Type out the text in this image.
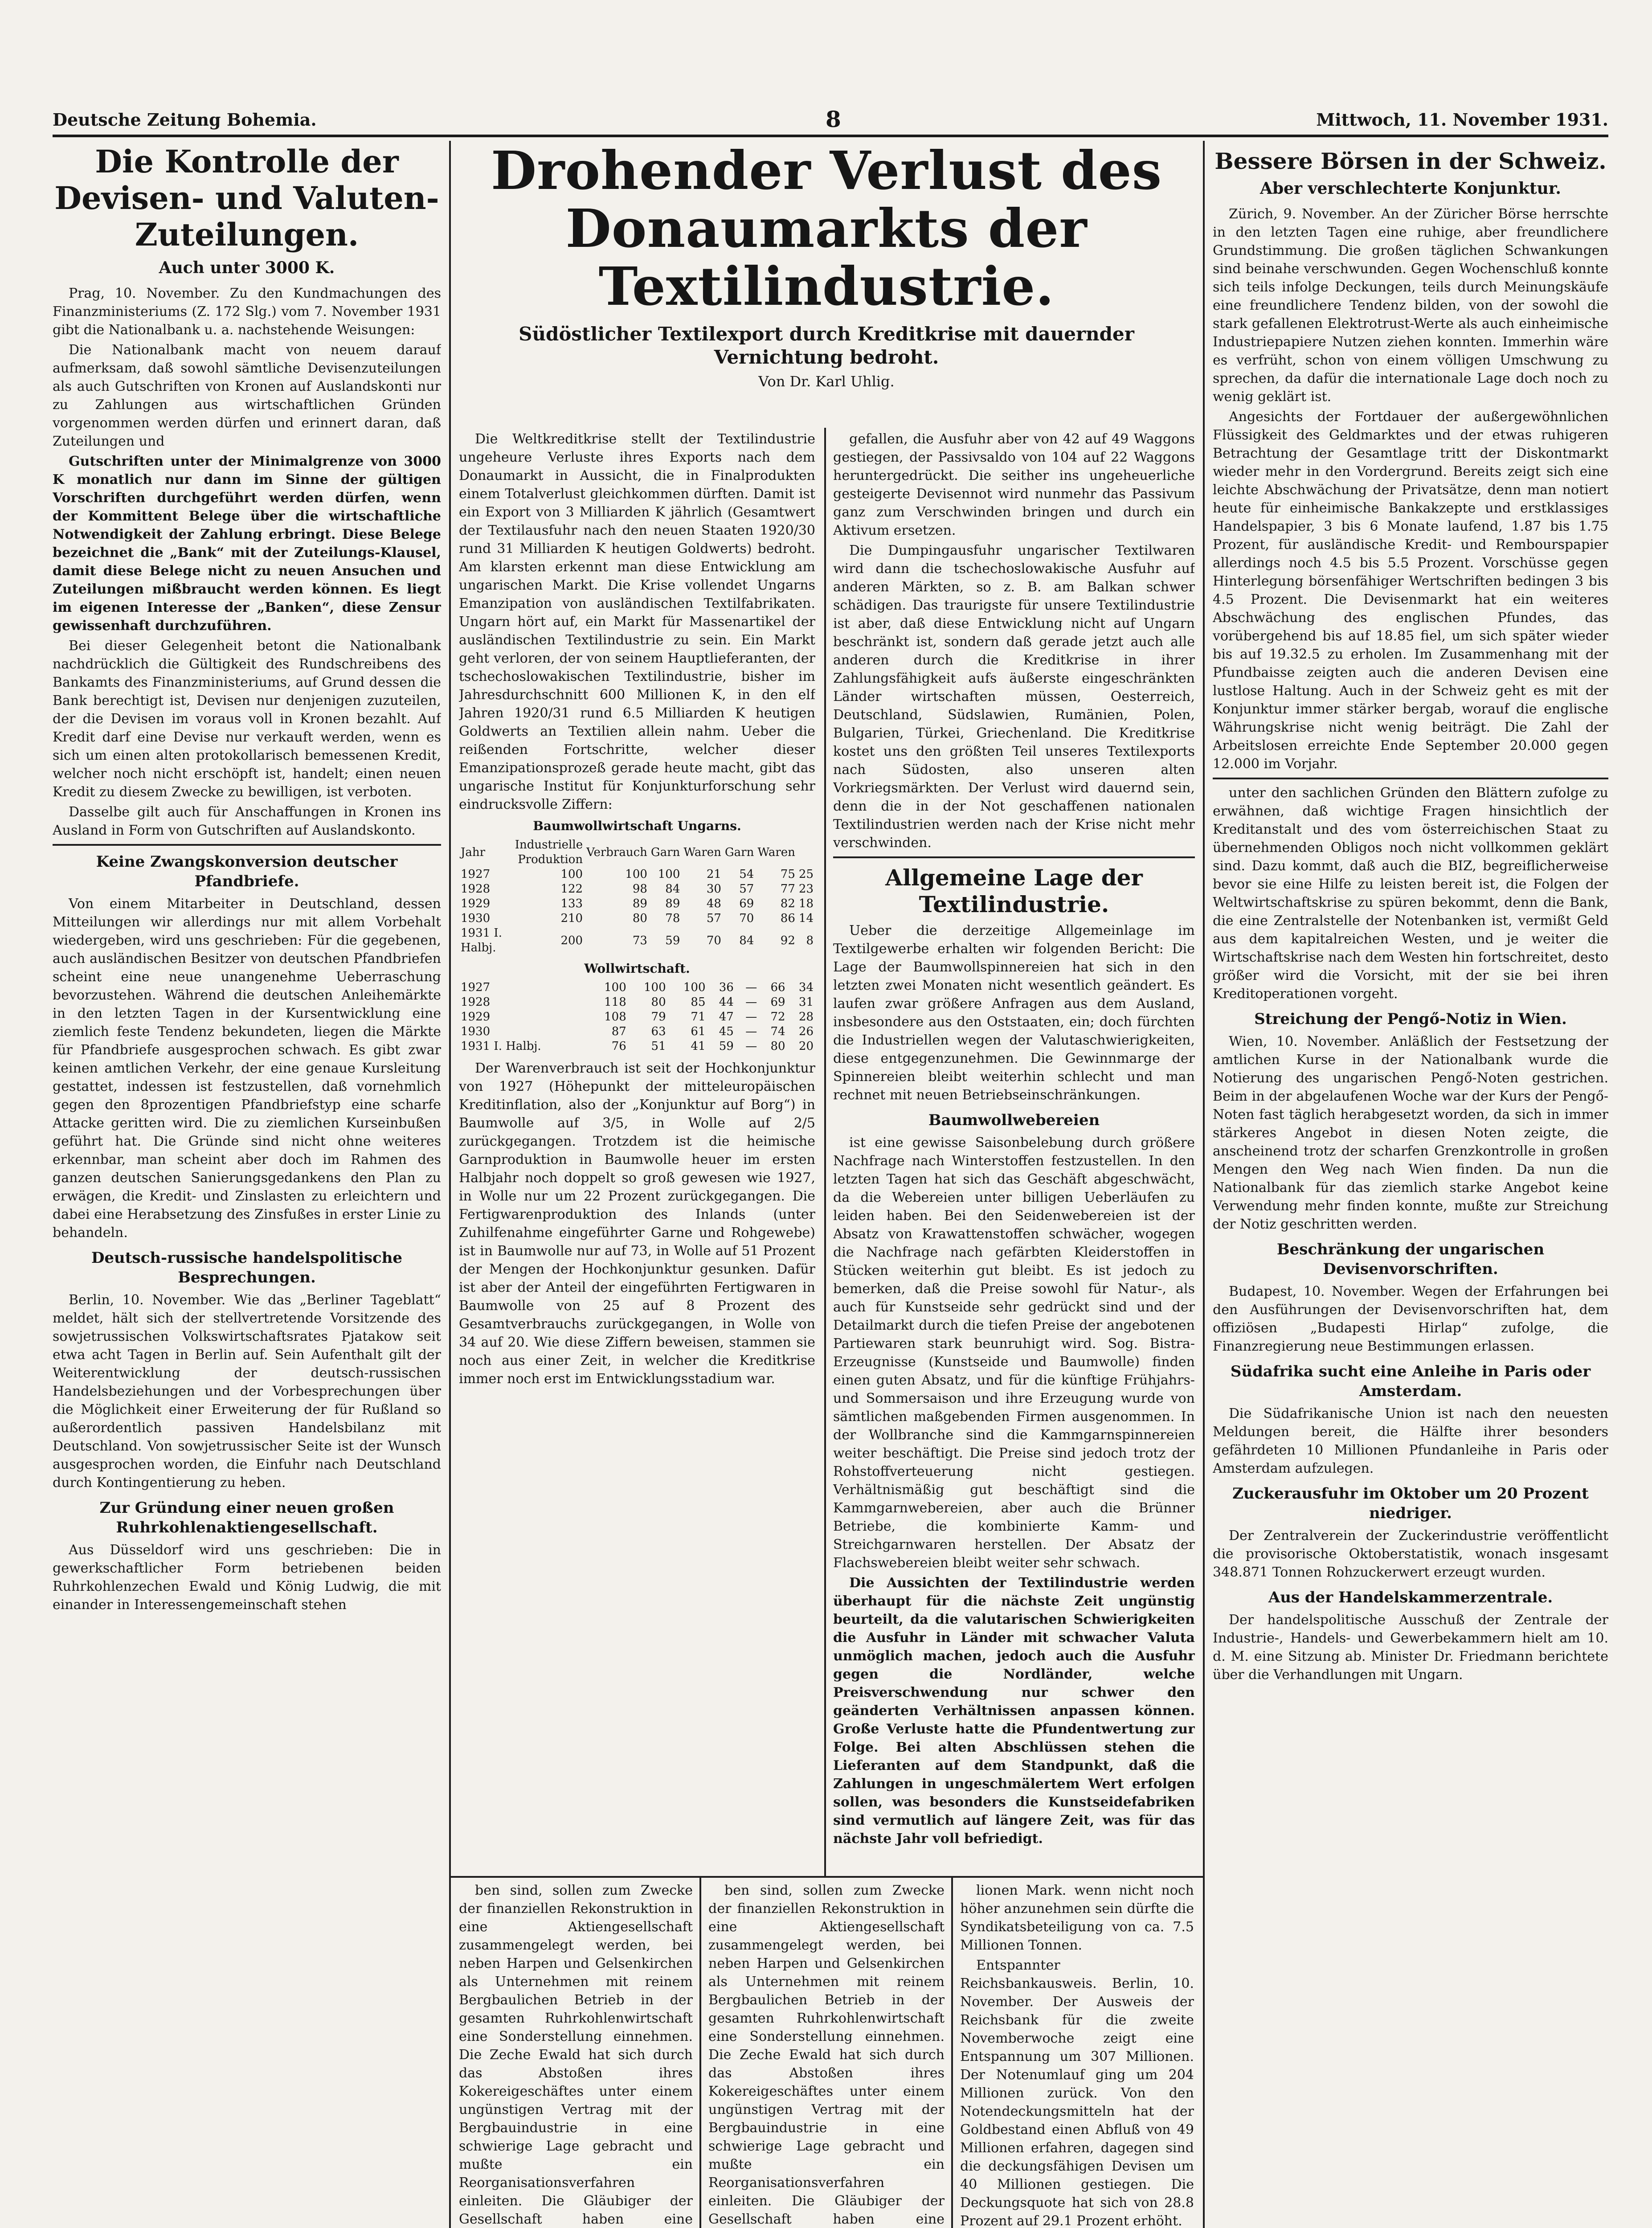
Deutsche Zeitung Bohemia.	8	Mittwoch, 11. November 1931.
Die Kontrolle der Devisen- und Valuten-Zuteilungen.
Auch unter 3000 K.

Prag, 10. November. Zu den Kundmachungen des Finanzministeriums (Z. 172 Slg.) vom 7. November 1931 gibt die Nationalbank u. a. nachstehende Weisungen:

Die Nationalbank macht von neuem darauf aufmerksam, daß sowohl sämtliche Devisenzuteilungen als auch Gutschriften von Kronen auf Auslandskonti nur zu Zahlungen aus wirtschaftlichen Gründen vorgenommen werden dürfen und erinnert daran, daß Zuteilungen und

Gutschriften unter der Minimalgrenze von 3000 K monatlich nur dann im Sinne der gültigen Vorschriften durchgeführt werden dürfen, wenn der Kommittent Belege über die wirtschaftliche Notwendigkeit der Zahlung erbringt. Diese Belege bezeichnet die „Bank“ mit der Zuteilungs-Klausel, damit diese Belege nicht zu neuen Ansuchen und Zuteilungen mißbraucht werden können. Es liegt im eigenen Interesse der „Banken“, diese Zensur gewissenhaft durchzuführen.

Bei dieser Gelegenheit betont die Nationalbank nachdrücklich die Gültigkeit des Rundschreibens des Bankamts des Finanzministeriums, auf Grund dessen die Bank berechtigt ist, Devisen nur denjenigen zuzuteilen, der die Devisen im voraus voll in Kronen bezahlt. Auf Kredit darf eine Devise nur verkauft werden, wenn es sich um einen alten protokollarisch bemessenen Kredit, welcher noch nicht erschöpft ist, handelt; einen neuen Kredit zu diesem Zwecke zu bewilligen, ist verboten.

Dasselbe gilt auch für Anschaffungen in Kronen ins Ausland in Form von Gutschriften auf Auslandskonto.

Keine Zwangskonversion deutscher Pfandbriefe.

Von einem Mitarbeiter in Deutschland, dessen Mitteilungen wir allerdings nur mit allem Vorbehalt wiedergeben, wird uns geschrieben: Für die gegebenen, auch ausländischen Besitzer von deutschen Pfandbriefen scheint eine neue unangenehme Ueberraschung bevorzustehen. Während die deutschen Anleihemärkte in den letzten Tagen in der Kursentwicklung eine ziemlich feste Tendenz bekundeten, liegen die Märkte für Pfandbriefe ausgesprochen schwach. Es gibt zwar keinen amtlichen Verkehr, der eine genaue Kursleitung gestattet, indessen ist festzustellen, daß vornehmlich gegen den 8prozentigen Pfandbriefstyp eine scharfe Attacke geritten wird. Die zu ziemlichen Kurseinbußen geführt hat. Die Gründe sind nicht ohne weiteres erkennbar, man scheint aber doch im Rahmen des ganzen deutschen Sanierungsgedankens den Plan zu erwägen, die Kredit- und Zinslasten zu erleichtern und dabei eine Herabsetzung des Zinsfußes in erster Linie zu behandeln.

Deutsch-russische handelspolitische Besprechungen.

Berlin, 10. November. Wie das „Berliner Tageblatt“ meldet, hält sich der stellvertretende Vorsitzende des sowjetrussischen Volkswirtschaftsrates Pjatakow seit etwa acht Tagen in Berlin auf. Sein Aufenthalt gilt der Weiterentwicklung der deutsch-russischen Handelsbeziehungen und der Vorbesprechungen über die Möglichkeit einer Erweiterung der für Rußland so außerordentlich passiven Handelsbilanz mit Deutschland. Von sowjetrussischer Seite ist der Wunsch ausgesprochen worden, die Einfuhr nach Deutschland durch Kontingentierung zu heben.

Zur Gründung einer neuen großen Ruhrkohlenaktiengesellschaft.

Aus Düsseldorf wird uns geschrieben: Die in gewerkschaftlicher Form betriebenen beiden Ruhrkohlenzechen Ewald und König Ludwig, die mit einander in Interessengemeinschaft stehen

Drohender Verlust des Donaumarkts der Textilindustrie.
Südöstlicher Textilexport durch Kreditkrise mit dauernder Vernichtung bedroht.
Von Dr. Karl Uhlig.

Die Weltkreditkrise stellt der Textilindustrie ungeheure Verluste ihres Exports nach dem Donaumarkt in Aussicht, die in Finalprodukten einem Totalverlust gleichkommen dürften. Damit ist ein Export von 3 Milliarden K jährlich (Gesamtwert der Textilausfuhr nach den neuen Staaten 1920/30 rund 31 Milliarden K heutigen Goldwerts) bedroht. Am klarsten erkennt man diese Entwicklung am ungarischen Markt. Die Krise vollendet Ungarns Emanzipation von ausländischen Textilfabrikaten. Ungarn hört auf, ein Markt für Massenartikel der ausländischen Textilindustrie zu sein. Ein Markt geht verloren, der von seinem Hauptlieferanten, der tschechoslowakischen Textilindustrie, bisher im Jahresdurchschnitt 600 Millionen K, in den elf Jahren 1920/31 rund 6.5 Milliarden K heutigen Goldwerts an Textilien allein nahm. Ueber die reißenden Fortschritte, welcher dieser Emanzipationsprozeß gerade heute macht, gibt das ungarische Institut für Konjunkturforschung sehr eindrucksvolle Ziffern:

Baumwollwirtschaft Ungarns.
Jahr	Industrielle Produktion	Verbrauch	Garn	Waren	Garn	Waren	
1927	100	100	100	21	54	75	25
1928	122	98	84	30	57	77	23
1929	133	89	89	48	69	82	18
1930	210	80	78	57	70	86	14
1931 I. Halbj.	200	73	59	70	84	92	8
Wollwirtschaft.
1927	100	100	100	36	—	66	34
1928	118	80	85	44	—	69	31
1929	108	79	71	47	—	72	28
1930	87	63	61	45	—	74	26
1931 I. Halbj.	76	51	41	59	—	80	20

Der Warenverbrauch ist seit der Hochkonjunktur von 1927 (Höhepunkt der mitteleuropäischen Kreditinflation, also der „Konjunktur auf Borg“) in Baumwolle auf 3/5, in Wolle auf 2/5 zurückgegangen. Trotzdem ist die heimische Garnproduktion in Baumwolle heuer im ersten Halbjahr noch doppelt so groß gewesen wie 1927, in Wolle nur um 22 Prozent zurückgegangen. Die Fertigwarenproduktion des Inlands (unter Zuhilfenahme eingeführter Garne und Rohgewebe) ist in Baumwolle nur auf 73, in Wolle auf 51 Prozent der Mengen der Hochkonjunktur gesunken. Dafür ist aber der Anteil der eingeführten Fertigwaren in Baumwolle von 25 auf 8 Prozent des Gesamtverbrauchs zurückgegangen, in Wolle von 34 auf 20. Wie diese Ziffern beweisen, stammen sie noch aus einer Zeit, in welcher die Kreditkrise immer noch erst im Entwicklungsstadium war.

gefallen, die Ausfuhr aber von 42 auf 49 Waggons gestiegen, der Passivsaldo von 104 auf 22 Waggons heruntergedrückt. Die seither ins ungeheuerliche gesteigerte Devisennot wird nunmehr das Passivum ganz zum Verschwinden bringen und durch ein Aktivum ersetzen.

Die Dumpingausfuhr ungarischer Textilwaren wird dann die tschechoslowakische Ausfuhr auf anderen Märkten, so z. B. am Balkan schwer schädigen. Das traurigste für unsere Textilindustrie ist aber, daß diese Entwicklung nicht auf Ungarn beschränkt ist, sondern daß gerade jetzt auch alle anderen durch die Kreditkrise in ihrer Zahlungsfähigkeit aufs äußerste eingeschränkten Länder wirtschaften müssen, Oesterreich, Deutschland, Südslawien, Rumänien, Polen, Bulgarien, Türkei, Griechenland. Die Kreditkrise kostet uns den größten Teil unseres Textilexports nach Südosten, also unseren alten Vorkriegsmärkten. Der Verlust wird dauernd sein, denn die in der Not geschaffenen nationalen Textilindustrien werden nach der Krise nicht mehr verschwinden.

Allgemeine Lage der Textilindustrie.

Ueber die derzeitige Allgemeinlage im Textilgewerbe erhalten wir folgenden Bericht: Die Lage der Baumwollspinnereien hat sich in den letzten zwei Monaten nicht wesentlich geändert. Es laufen zwar größere Anfragen aus dem Ausland, insbesondere aus den Oststaaten, ein; doch fürchten die Industriellen wegen der Valutaschwierigkeiten, diese entgegenzunehmen. Die Gewinnmarge der Spinnereien bleibt weiterhin schlecht und man rechnet mit neuen Betriebseinschränkungen.

Baumwollwebereien

ist eine gewisse Saisonbelebung durch größere Nachfrage nach Winterstoffen festzustellen. In den letzten Tagen hat sich das Geschäft abgeschwächt, da die Webereien unter billigen Ueberläufen zu leiden haben. Bei den Seidenwebereien ist der Absatz von Krawattenstoffen schwächer, wogegen die Nachfrage nach gefärbten Kleiderstoffen in Stücken weiterhin gut bleibt. Es ist jedoch zu bemerken, daß die Preise sowohl für Natur-, als auch für Kunstseide sehr gedrückt sind und der Detailmarkt durch die tiefen Preise der angebotenen Partiewaren stark beunruhigt wird. Sog. Bistra-Erzeugnisse (Kunstseide und Baumwolle) finden einen guten Absatz, und für die künftige Frühjahrs- und Sommersaison und ihre Erzeugung wurde von sämtlichen maßgebenden Firmen ausgenommen. In der Wollbranche sind die Kammgarnspinnereien weiter beschäftigt. Die Preise sind jedoch trotz der Rohstoffverteuerung nicht gestiegen. Verhältnismäßig gut beschäftigt sind die Kammgarnwebereien, aber auch die Brünner Betriebe, die kombinierte Kamm- und Streichgarnwaren herstellen. Der Absatz der Flachswebereien bleibt weiter sehr schwach.

Die Aussichten der Textilindustrie werden überhaupt für die nächste Zeit ungünstig beurteilt, da die valutarischen Schwierigkeiten die Ausfuhr in Länder mit schwacher Valuta unmöglich machen, jedoch auch die Ausfuhr gegen die Nordländer, welche Preisverschwendung nur schwer den geänderten Verhältnissen anpassen können. Große Verluste hatte die Pfundentwertung zur Folge. Bei alten Abschlüssen stehen die Lieferanten auf dem Standpunkt, daß die Zahlungen in ungeschmälertem Wert erfolgen sollen, was besonders die Kunstseidefabriken sind vermutlich auf längere Zeit, was für das nächste Jahr voll befriedigt.

ben sind, sollen zum Zwecke der finanziellen Rekonstruktion in eine Aktiengesellschaft zusammengelegt werden, bei neben Harpen und Gelsenkirchen als Unternehmen mit reinem Bergbaulichen Betrieb in der gesamten Ruhrkohlenwirtschaft eine Sonderstellung einnehmen. Die Zeche Ewald hat sich durch das Abstoßen ihres Kokereigeschäftes unter einem ungünstigen Vertrag mit der Bergbauindustrie in eine schwierige Lage gebracht und mußte ein Reorganisationsverfahren einleiten. Die Gläubiger der Gesellschaft haben eine

ben sind, sollen zum Zwecke der finanziellen Rekonstruktion in eine Aktiengesellschaft zusammengelegt werden, bei neben Harpen und Gelsenkirchen als Unternehmen mit reinem Bergbaulichen Betrieb in der gesamten Ruhrkohlenwirtschaft eine Sonderstellung einnehmen. Die Zeche Ewald hat sich durch das Abstoßen ihres Kokereigeschäftes unter einem ungünstigen Vertrag mit der Bergbauindustrie in eine schwierige Lage gebracht und mußte ein Reorganisationsverfahren einleiten. Die Gläubiger der Gesellschaft haben eine

lionen Mark. wenn nicht noch höher anzunehmen sein dürfte die Syndikatsbeteiligung von ca. 7.5 Millionen Tonnen.

Entspannter Reichsbankausweis. Berlin, 10. November. Der Ausweis der Reichsbank für die zweite Novemberwoche zeigt eine Entspannung um 307 Millionen. Der Notenumlauf ging um 204 Millionen zurück. Von den Notendeckungsmitteln hat der Goldbestand einen Abfluß von 49 Millionen erfahren, dagegen sind die deckungsfähigen Devisen um 40 Millionen gestiegen. Die Deckungsquote hat sich von 28.8 Prozent auf 29.1 Prozent erhöht.

Bessere Börsen in der Schweiz.
Aber verschlechterte Konjunktur.

Zürich, 9. November. An der Züricher Börse herrschte in den letzten Tagen eine ruhige, aber freundlichere Grundstimmung. Die großen täglichen Schwankungen sind beinahe verschwunden. Gegen Wochenschluß konnte sich teils infolge Deckungen, teils durch Meinungskäufe eine freundlichere Tendenz bilden, von der sowohl die stark gefallenen Elektrotrust-Werte als auch einheimische Industriepapiere Nutzen ziehen konnten. Immerhin wäre es verfrüht, schon von einem völligen Umschwung zu sprechen, da dafür die internationale Lage doch noch zu wenig geklärt ist.

Angesichts der Fortdauer der außergewöhnlichen Flüssigkeit des Geldmarktes und der etwas ruhigeren Betrachtung der Gesamtlage tritt der Diskontmarkt wieder mehr in den Vordergrund. Bereits zeigt sich eine leichte Abschwächung der Privatsätze, denn man notiert heute für einheimische Bankakzepte und erstklassiges Handelspapier, 3 bis 6 Monate laufend, 1.87 bis 1.75 Prozent, für ausländische Kredit- und Rembourspapier allerdings noch 4.5 bis 5.5 Prozent. Vorschüsse gegen Hinterlegung börsenfähiger Wertschriften bedingen 3 bis 4.5 Prozent. Die Devisenmarkt hat ein weiteres Abschwächung des englischen Pfundes, das vorübergehend bis auf 18.85 fiel, um sich später wieder bis auf 19.32.5 zu erholen. Im Zusammenhang mit der Pfundbaisse zeigten auch die anderen Devisen eine lustlose Haltung. Auch in der Schweiz geht es mit der Konjunktur immer stärker bergab, worauf die englische Währungskrise nicht wenig beiträgt. Die Zahl der Arbeitslosen erreichte Ende September 20.000 gegen 12.000 im Vorjahr.

unter den sachlichen Gründen den Blättern zufolge zu erwähnen, daß wichtige Fragen hinsichtlich der Kreditanstalt und des vom österreichischen Staat zu übernehmenden Obligos noch nicht vollkommen geklärt sind. Dazu kommt, daß auch die BIZ, begreiflicherweise bevor sie eine Hilfe zu leisten bereit ist, die Folgen der Weltwirtschaftskrise zu spüren bekommt, denn die Bank, die eine Zentralstelle der Notenbanken ist, vermißt Geld aus dem kapitalreichen Westen, und je weiter die Wirtschaftskrise nach dem Westen hin fortschreitet, desto größer wird die Vorsicht, mit der sie bei ihren Kreditoperationen vorgeht.

Streichung der Pengő-Notiz in Wien.

Wien, 10. November. Anläßlich der Festsetzung der amtlichen Kurse in der Nationalbank wurde die Notierung des ungarischen Pengő-Noten gestrichen. Beim in der abgelaufenen Woche war der Kurs der Pengő-Noten fast täglich herabgesetzt worden, da sich in immer stärkeres Angebot in diesen Noten zeigte, die anscheinend trotz der scharfen Grenzkontrolle in großen Mengen den Weg nach Wien finden. Da nun die Nationalbank für das ziemlich starke Angebot keine Verwendung mehr finden konnte, mußte zur Streichung der Notiz geschritten werden.

Beschränkung der ungarischen Devisenvorschriften.

Budapest, 10. November. Wegen der Erfahrungen bei den Ausführungen der Devisenvorschriften hat, dem offiziösen „Budapesti Hirlap“ zufolge, die Finanzregierung neue Bestimmungen erlassen.

Südafrika sucht eine Anleihe in Paris oder Amsterdam.

Die Südafrikanische Union ist nach den neuesten Meldungen bereit, die Hälfte ihrer besonders gefährdeten 10 Millionen Pfundanleihe in Paris oder Amsterdam aufzulegen.

Zuckerausfuhr im Oktober um 20 Prozent niedriger.

Der Zentralverein der Zuckerindustrie veröffentlicht die provisorische Oktoberstatistik, wonach insgesamt 348.871 Tonnen Rohzuckerwert erzeugt wurden.

Aus der Handelskammerzentrale.

Der handelspolitische Ausschuß der Zentrale der Industrie-, Handels- und Gewerbekammern hielt am 10. d. M. eine Sitzung ab. Minister Dr. Friedmann berichtete über die Verhandlungen mit Ungarn.
